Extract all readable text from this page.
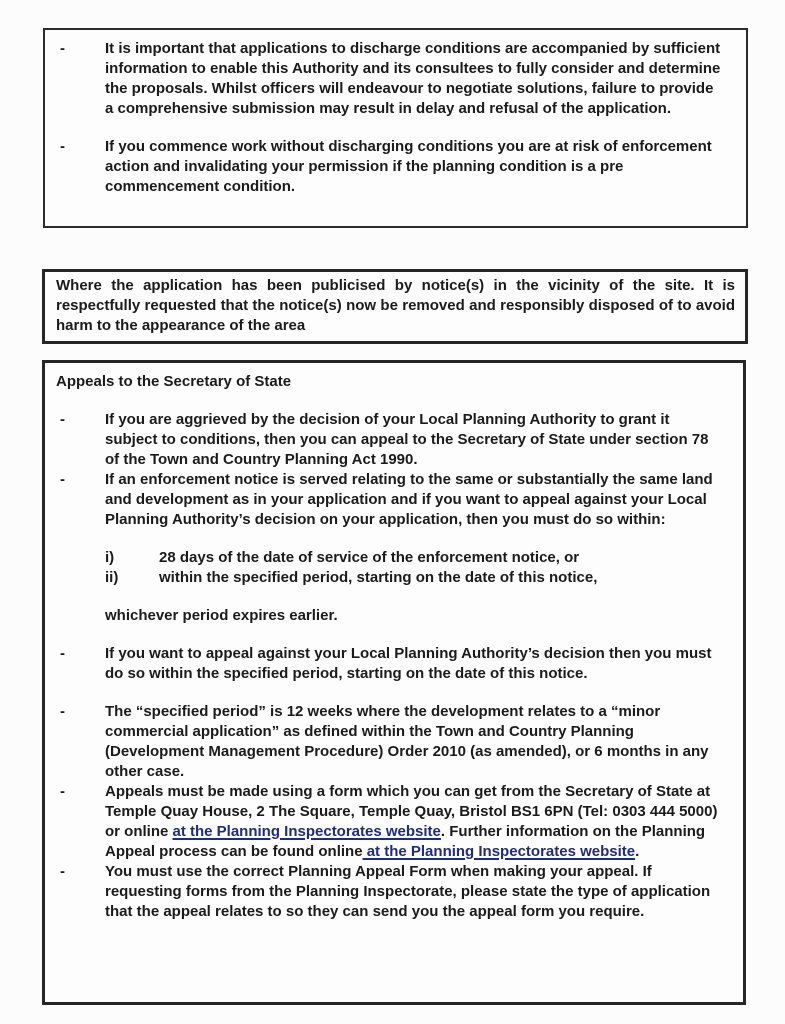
-	It is important that applications to discharge conditions are accompanied by sufficient information to enable this Authority and its consultees to fully consider and determine the proposals. Whilst officers will endeavour to negotiate solutions, failure to provide a comprehensive submission may result in delay and refusal of the application.
-	If you commence work without discharging conditions you are at risk of enforcement action and invalidating your permission if the planning condition is a pre commencement condition.

Where the application has been publicised by notice(s) in the vicinity of the site. It is respectfully requested that the notice(s) now be removed and responsibly disposed of to avoid harm to the appearance of the area

Appeals to the Secretary of State
-	If you are aggrieved by the decision of your Local Planning Authority to grant it subject to conditions, then you can appeal to the Secretary of State under section 78 of the Town and Country Planning Act 1990.
-	If an enforcement notice is served relating to the same or substantially the same land and development as in your application and if you want to appeal against your Local Planning Authority’s decision on your application, then you must do so within:
i)	28 days of the date of service of the enforcement notice, or
ii)	within the specified period, starting on the date of this notice,
whichever period expires earlier.
-	If you want to appeal against your Local Planning Authority’s decision then you must do so within the specified period, starting on the date of this notice.
-	The “specified period” is 12 weeks where the development relates to a “minor commercial application” as defined within the Town and Country Planning (Development Management Procedure) Order 2010 (as amended), or 6 months in any other case.
-	Appeals must be made using a form which you can get from the Secretary of State at Temple Quay House, 2 The Square, Temple Quay, Bristol BS1 6PN (Tel: 0303 444 5000) or online at the Planning Inspectorates website. Further information on the Planning Appeal process can be found online at the Planning Inspectorates website.
-	You must use the correct Planning Appeal Form when making your appeal. If requesting forms from the Planning Inspectorate, please state the type of application that the appeal relates to so they can send you the appeal form you require.
